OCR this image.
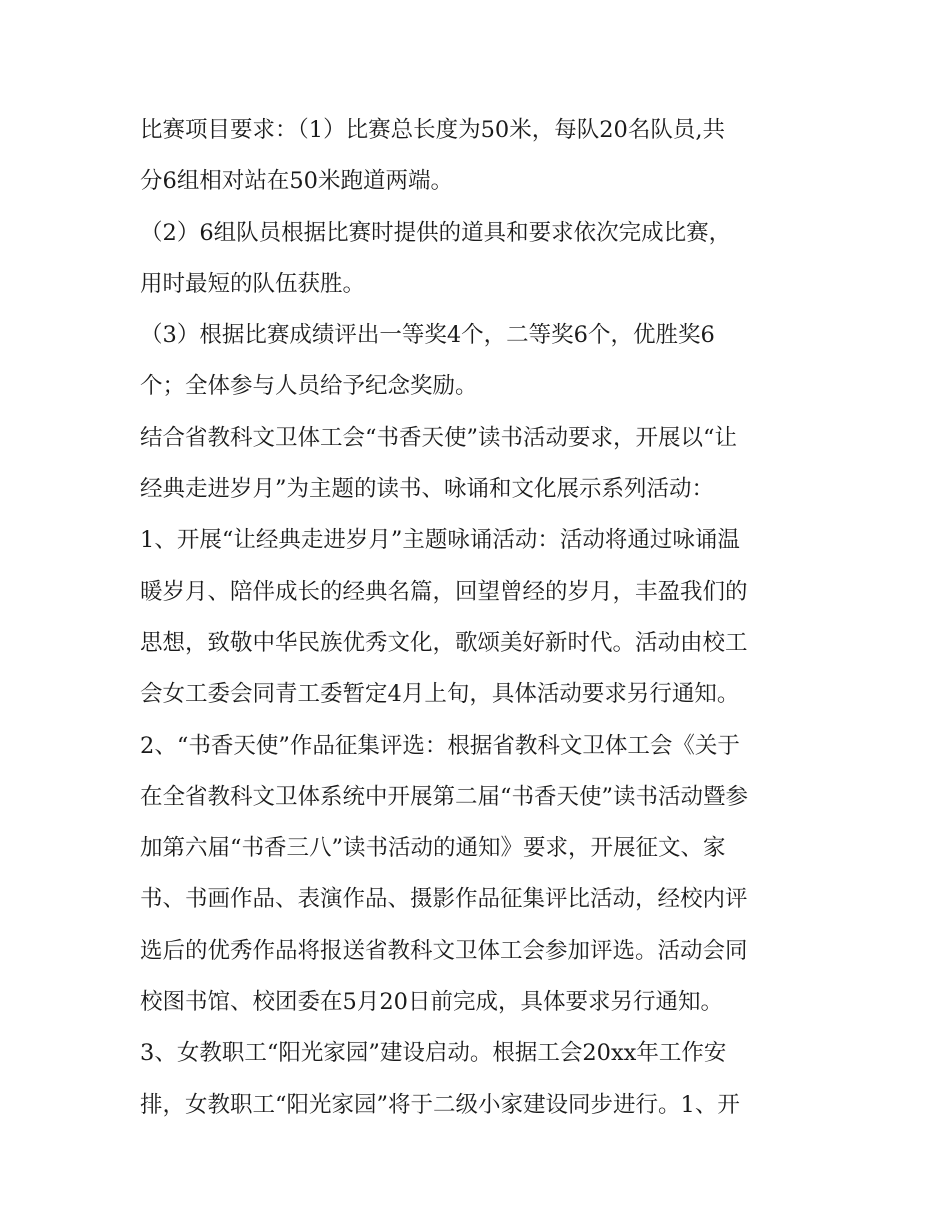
比赛项目要求：（1）比赛总长度为50米，每队20名队员,共
分6组相对站在50米跑道两端。
（2）6组队员根据比赛时提供的道具和要求依次完成比赛，
用时最短的队伍获胜。
（3）根据比赛成绩评出一等奖4个，二等奖6个，优胜奖6
个；全体参与人员给予纪念奖励。
结合省教科文卫体工会“书香天使”读书活动要求，开展以“让
经典走进岁月”为主题的读书、咏诵和文化展示系列活动：
1、开展“让经典走进岁月”主题咏诵活动：活动将通过咏诵温
暖岁月、陪伴成长的经典名篇，回望曾经的岁月，丰盈我们的
思想，致敬中华民族优秀文化，歌颂美好新时代。活动由校工
会女工委会同青工委暂定4月上旬，具体活动要求另行通知。
2、“书香天使”作品征集评选：根据省教科文卫体工会《关于
在全省教科文卫体系统中开展第二届“书香天使”读书活动暨参
加第六届“书香三八”读书活动的通知》要求，开展征文、家
书、书画作品、表演作品、摄影作品征集评比活动，经校内评
选后的优秀作品将报送省教科文卫体工会参加评选。活动会同
校图书馆、校团委在5月20日前完成，具体要求另行通知。
3、女教职工“阳光家园”建设启动。根据工会20xx年工作安
排，女教职工“阳光家园”将于二级小家建设同步进行。1、开
